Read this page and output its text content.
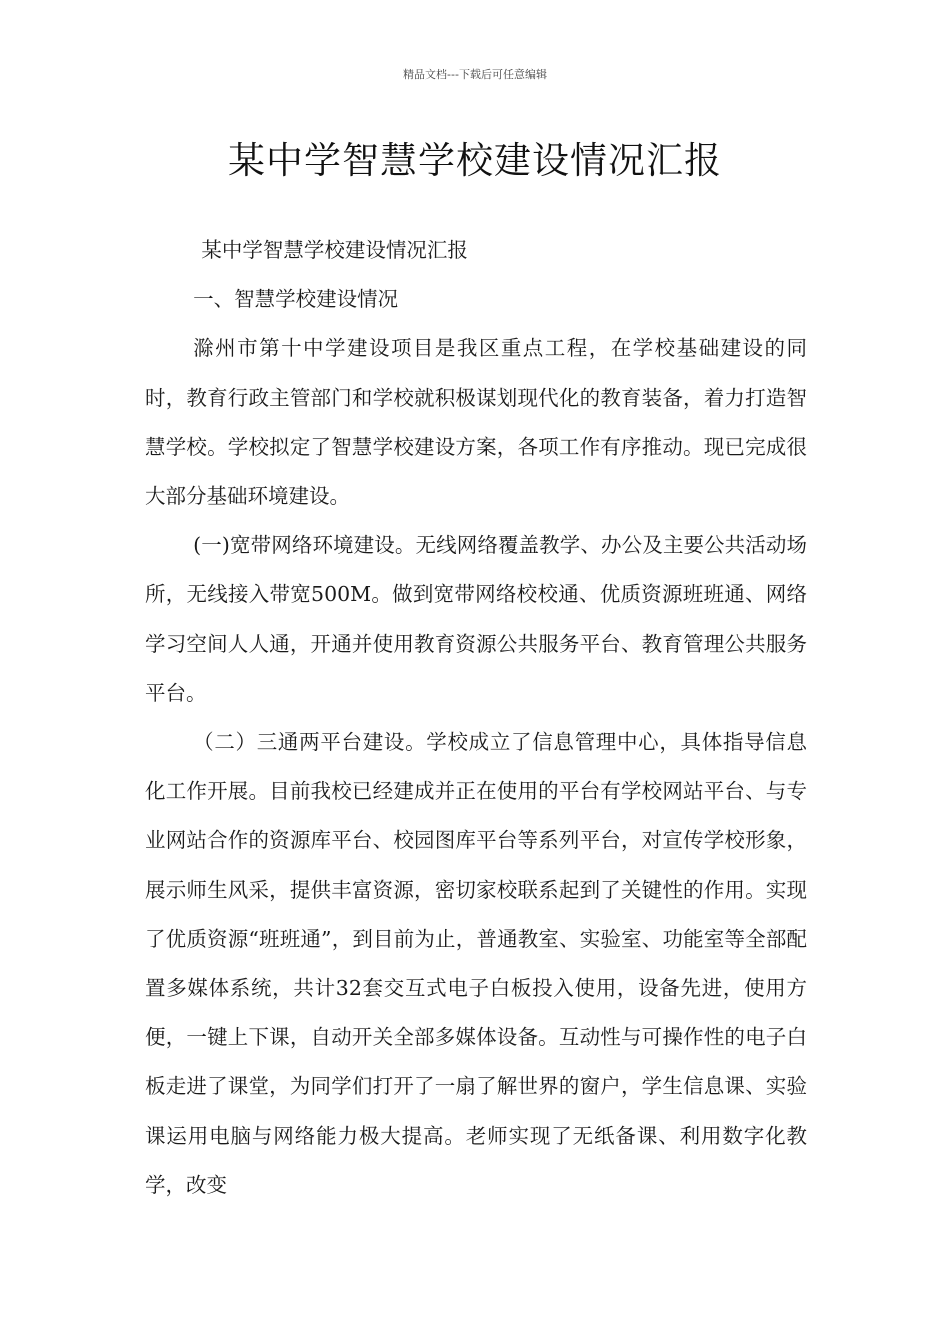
精品文档---下载后可任意编辑
某中学智慧学校建设情况汇报

某中学智慧学校建设情况汇报

一、智慧学校建设情况

滁州市第十中学建设项目是我区重点工程，在学校基础建设的同时，教育行政主管部门和学校就积极谋划现代化的教育装备，着力打造智慧学校。学校拟定了智慧学校建设方案，各项工作有序推动。现已完成很大部分基础环境建设。

(一)宽带网络环境建设。无线网络覆盖教学、办公及主要公共活动场所，无线接入带宽500M。做到宽带网络校校通、优质资源班班通、网络学习空间人人通，开通并使用教育资源公共服务平台、教育管理公共服务平台。

（二）三通两平台建设。学校成立了信息管理中心，具体指导信息化工作开展。目前我校已经建成并正在使用的平台有学校网站平台、与专业网站合作的资源库平台、校园图库平台等系列平台，对宣传学校形象，展示师生风采，提供丰富资源，密切家校联系起到了关键性的作用。实现了优质资源“班班通”，到目前为止，普通教室、实验室、功能室等全部配置多媒体系统，共计32套交互式电子白板投入使用，设备先进，使用方便，一键上下课，自动开关全部多媒体设备。互动性与可操作性的电子白板走进了课堂，为同学们打开了一扇了解世界的窗户，学生信息课、实验课运用电脑与网络能力极大提高。老师实现了无纸备课、利用数字化教学，改变
